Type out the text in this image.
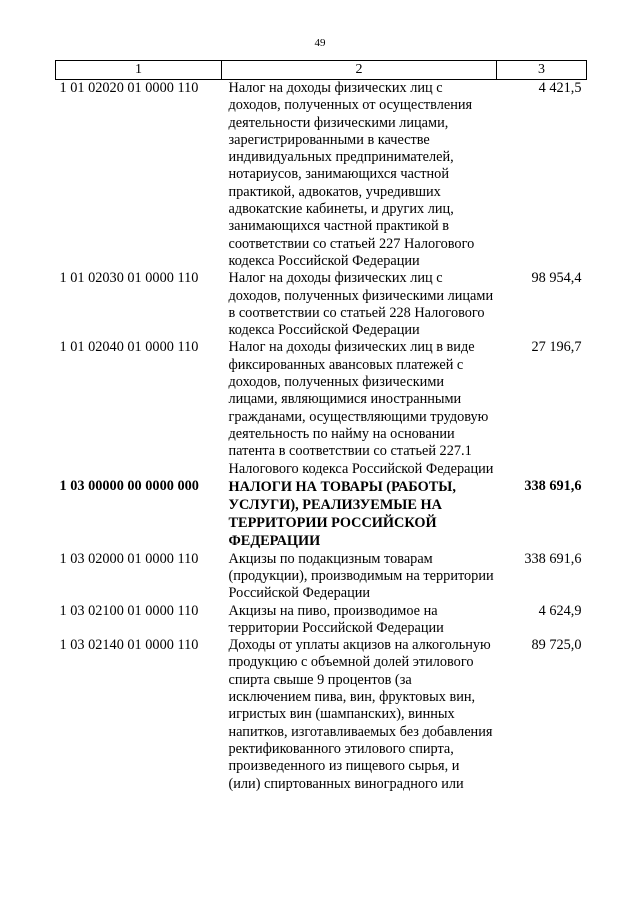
49
1	2	3
1 01 02020 01 0000 110	Налог на доходы физических лиц с доходов, полученных от осуществления деятельности физическими лицами, зарегистрированными в качестве индивидуальных предпринимателей, нотариусов, занимающихся частной практикой, адвокатов, учредивших адвокатские кабинеты, и других лиц, занимающихся частной практикой в соответствии со статьей 227 Налогового кодекса Российской Федерации	4 421,5
1 01 02030 01 0000 110	Налог на доходы физических лиц с доходов, полученных физическими лицами в соответствии со статьей 228 Налогового кодекса Российской Федерации	98 954,4
1 01 02040 01 0000 110	Налог на доходы физических лиц в виде фиксированных авансовых платежей с доходов, полученных физическими лицами, являющимися иностранными гражданами, осуществляющими трудовую деятельность по найму на основании патента в соответствии со статьей 227.1 Налогового кодекса Российской Федерации	27 196,7
1 03 00000 00 0000 000	НАЛОГИ НА ТОВАРЫ (РАБОТЫ, УСЛУГИ), РЕАЛИЗУЕМЫЕ НА ТЕРРИТОРИИ РОССИЙСКОЙ ФЕДЕРАЦИИ	338 691,6
1 03 02000 01 0000 110	Акцизы по подакцизным товарам (продукции), производимым на территории Российской Федерации	338 691,6
1 03 02100 01 0000 110	Акцизы на пиво, производимое на территории Российской Федерации	4 624,9
1 03 02140 01 0000 110	Доходы от уплаты акцизов на алкогольную продукцию с объемной долей этилового спирта свыше 9 процентов (за исключением пива, вин, фруктовых вин, игристых вин (шампанских), винных напитков, изготавливаемых без добавления ректификованного этилового спирта, произведенного из пищевого сырья, и (или) спиртованных виноградного или	89 725,0
